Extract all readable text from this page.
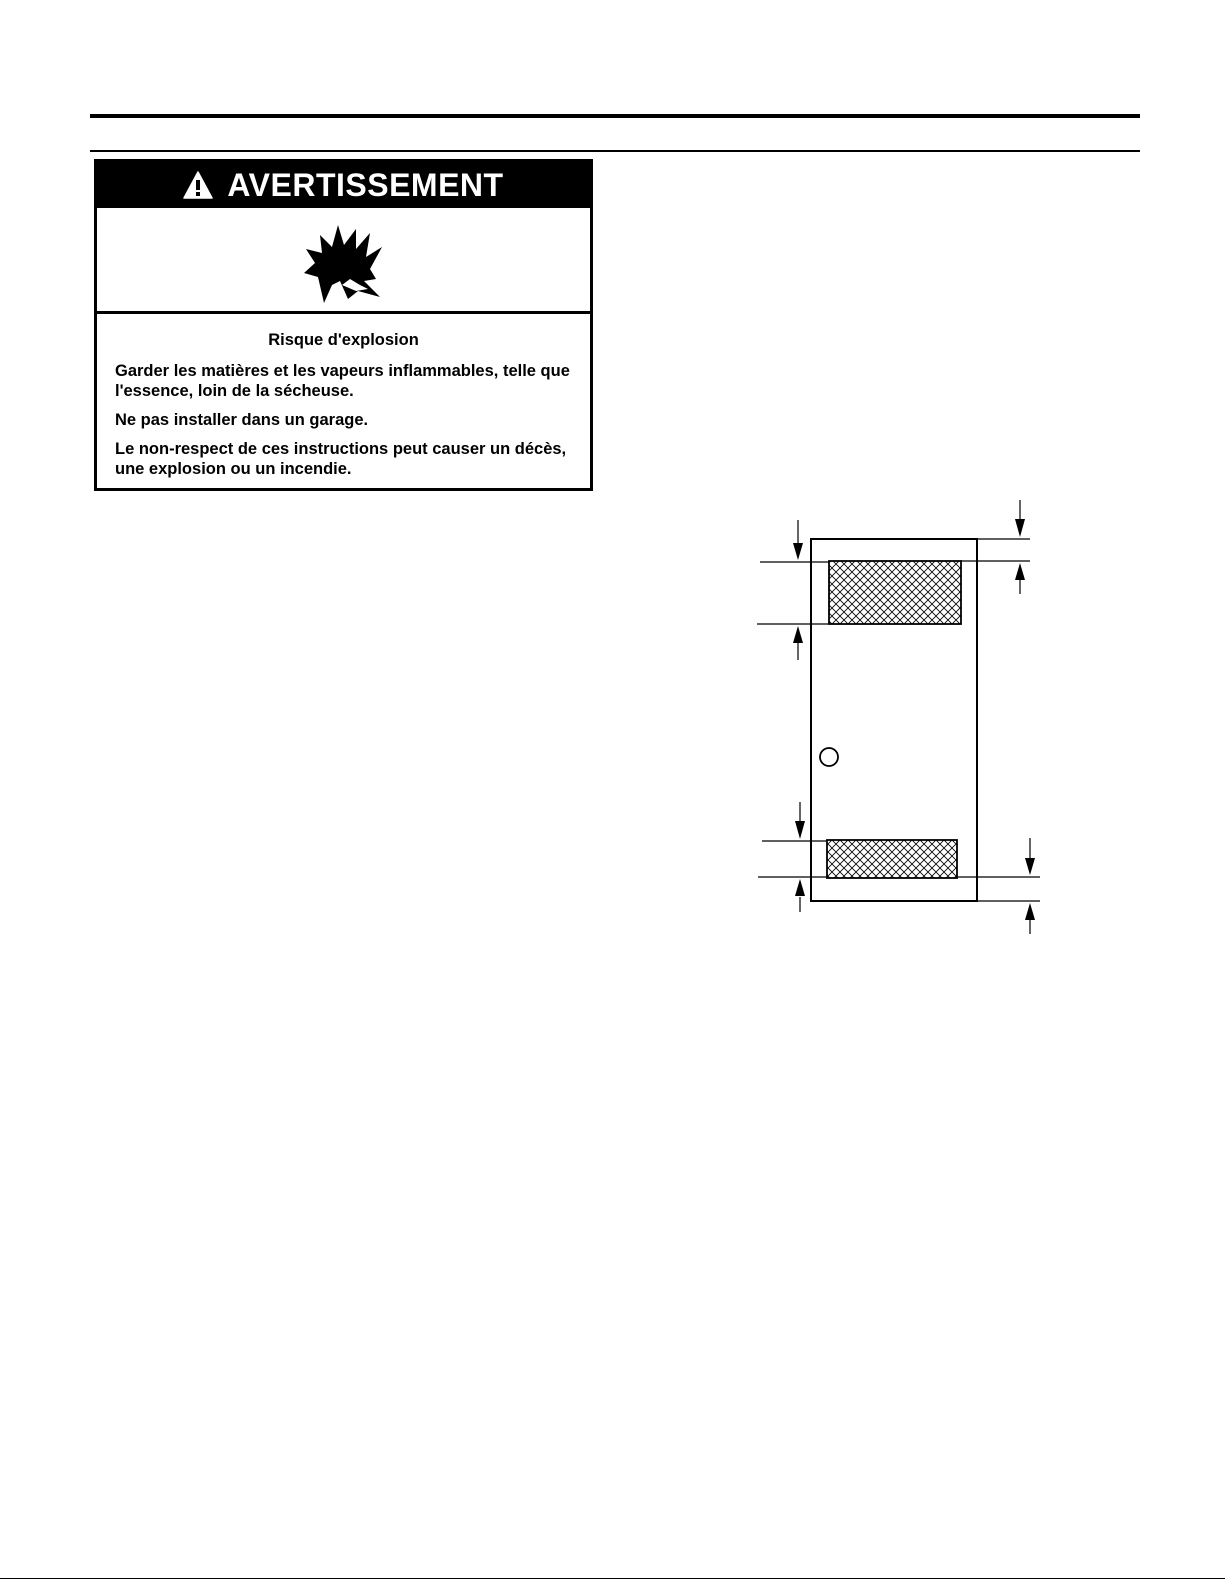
AVERTISSEMENT
Risque d'explosion

Garder les matières et les vapeurs inflammables, telle que l'essence, loin de la sécheuse.

Ne pas installer dans un garage.

Le non-respect de ces instructions peut causer un décès, une explosion ou un incendie.
